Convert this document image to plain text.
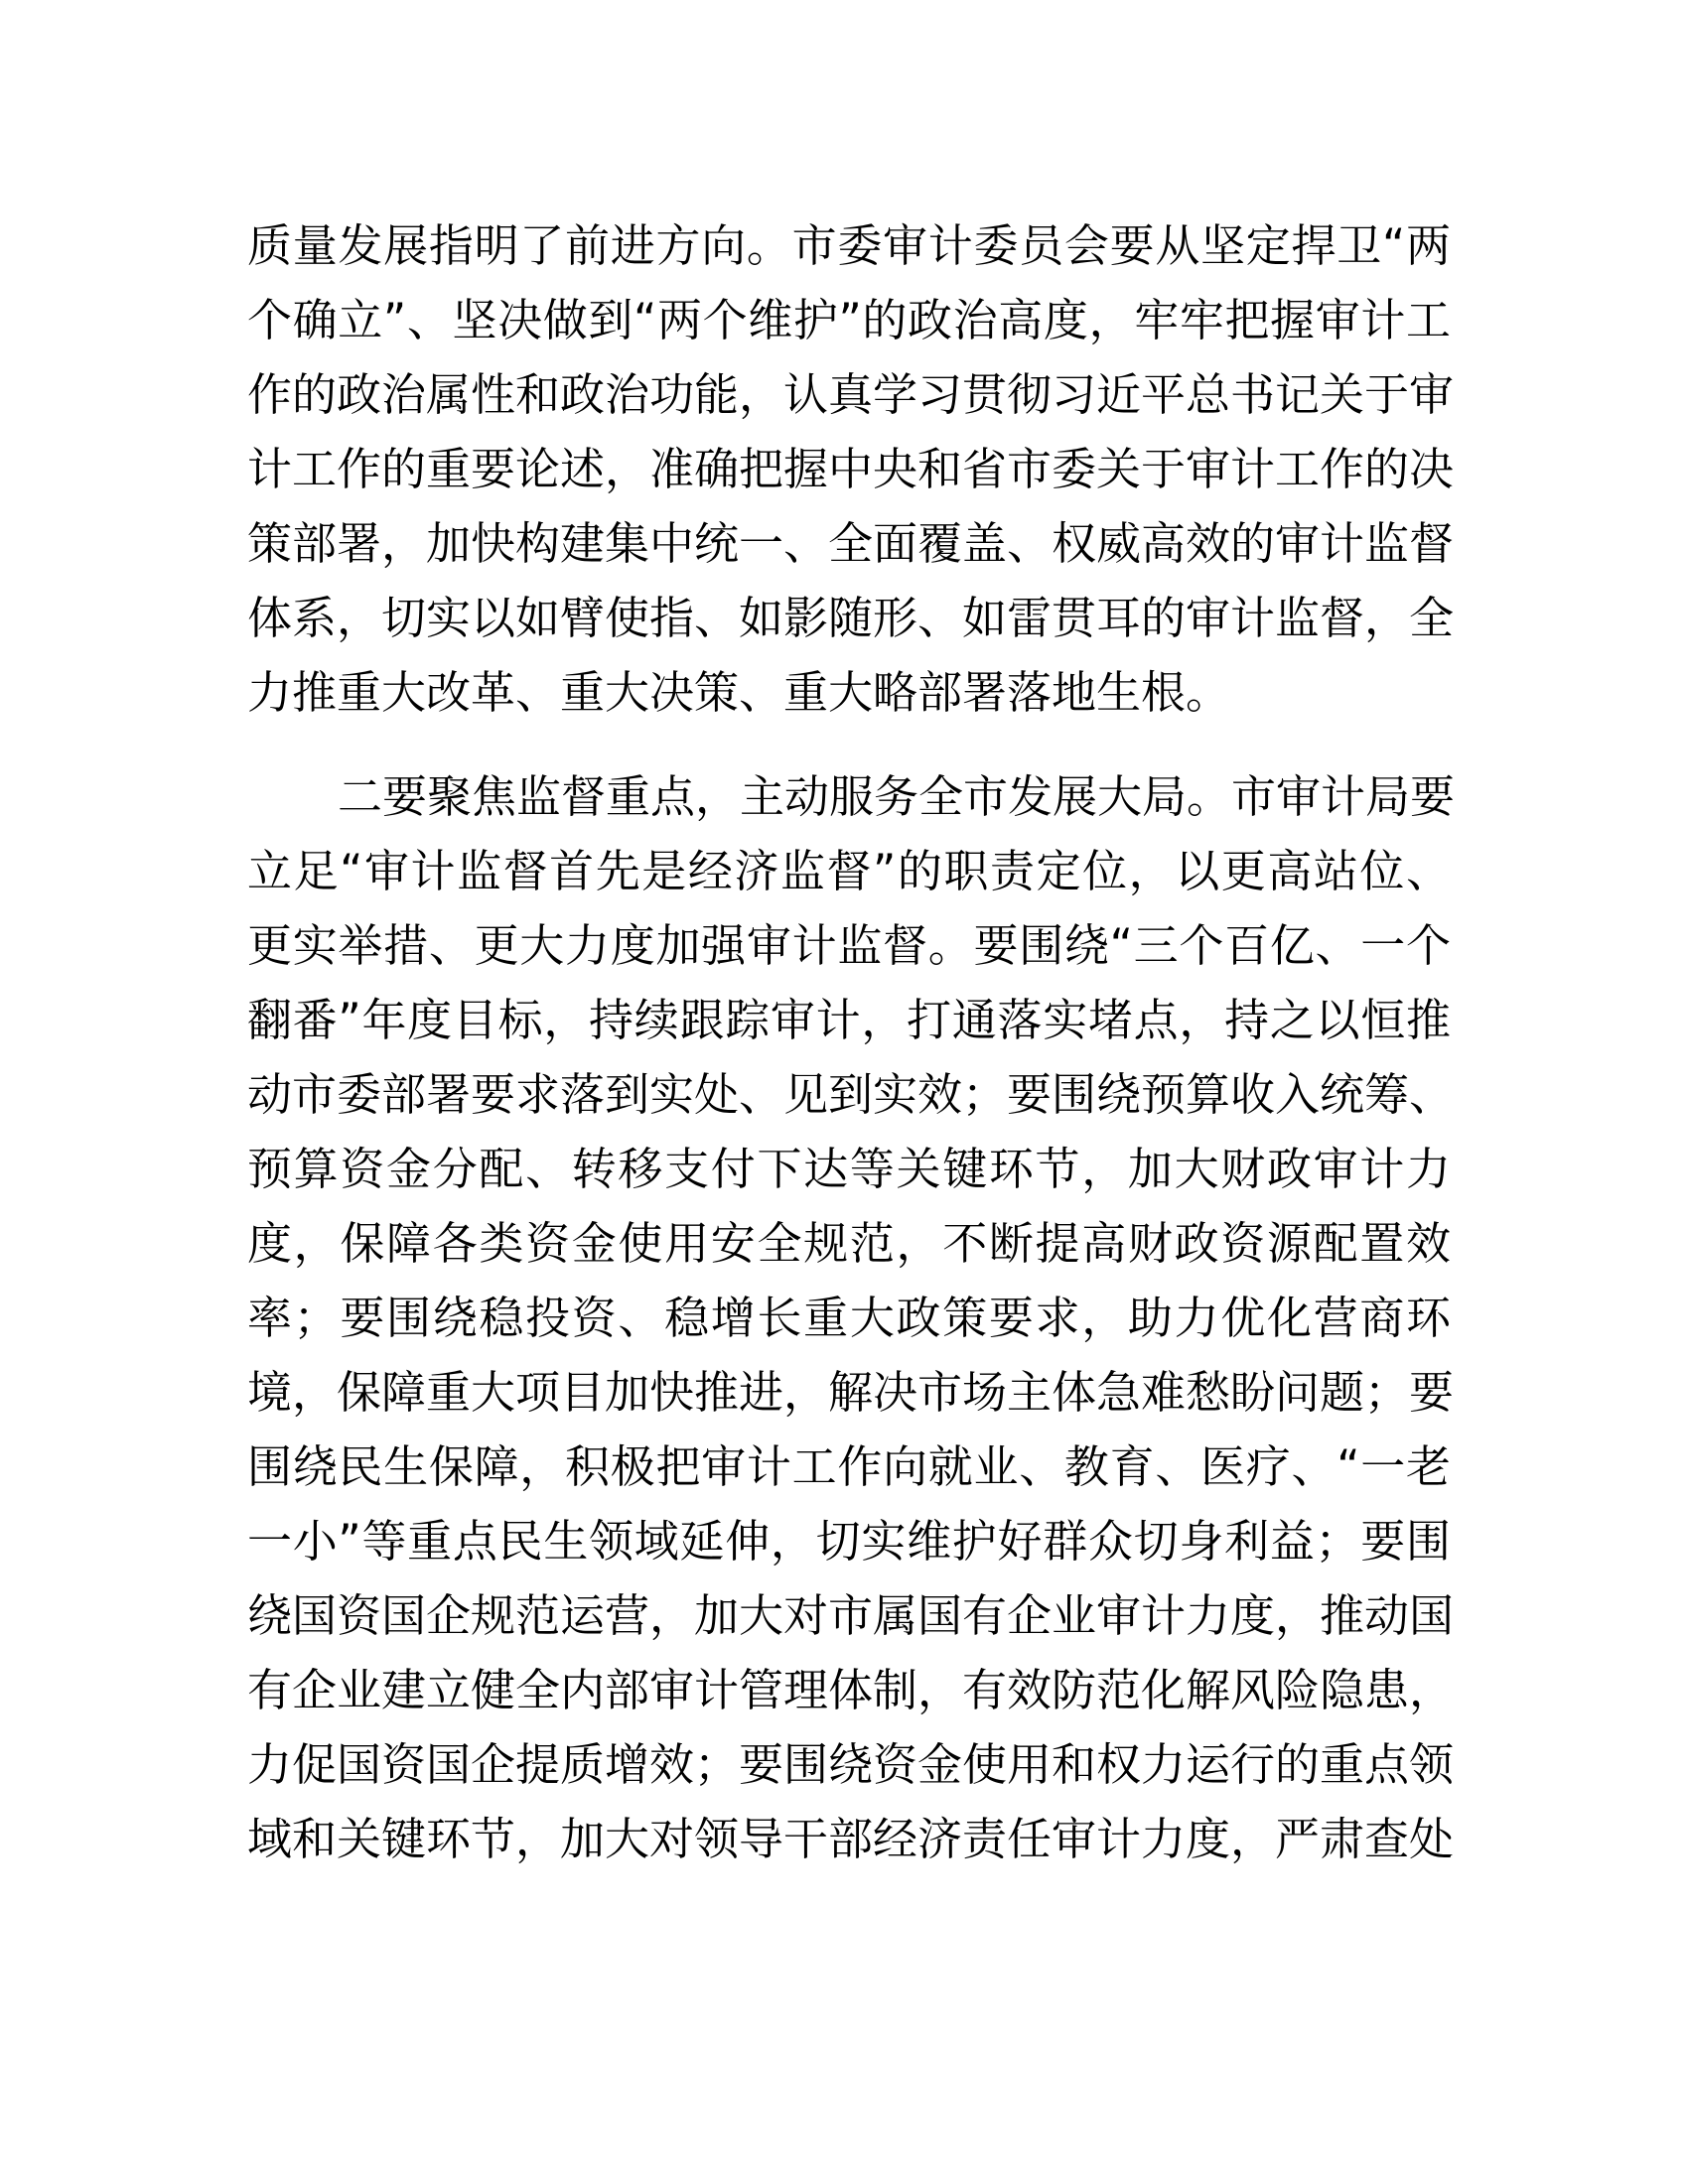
质量发展指明了前进方向。市委审计委员会要从坚定捍卫“两
个确立”、坚决做到“两个维护”的政治高度，牢牢把握审计工
作的政治属性和政治功能，认真学习贯彻习近平总书记关于审
计工作的重要论述，准确把握中央和省市委关于审计工作的决
策部署，加快构建集中统一、全面覆盖、权威高效的审计监督
体系，切实以如臂使指、如影随形、如雷贯耳的审计监督，全
力推重大改革、重大决策、重大略部署落地生根。
二要聚焦监督重点，主动服务全市发展大局。市审计局要
立足“审计监督首先是经济监督”的职责定位，以更高站位、
更实举措、更大力度加强审计监督。要围绕“三个百亿、一个
翻番”年度目标，持续跟踪审计，打通落实堵点，持之以恒推
动市委部署要求落到实处、见到实效；要围绕预算收入统筹、
预算资金分配、转移支付下达等关键环节，加大财政审计力
度，保障各类资金使用安全规范，不断提高财政资源配置效
率；要围绕稳投资、稳增长重大政策要求，助力优化营商环
境，保障重大项目加快推进，解决市场主体急难愁盼问题；要
围绕民生保障，积极把审计工作向就业、教育、医疗、“一老
一小”等重点民生领域延伸，切实维护好群众切身利益；要围
绕国资国企规范运营，加大对市属国有企业审计力度，推动国
有企业建立健全内部审计管理体制，有效防范化解风险隐患，
力促国资国企提质增效；要围绕资金使用和权力运行的重点领
域和关键环节，加大对领导干部经济责任审计力度，严肃查处
